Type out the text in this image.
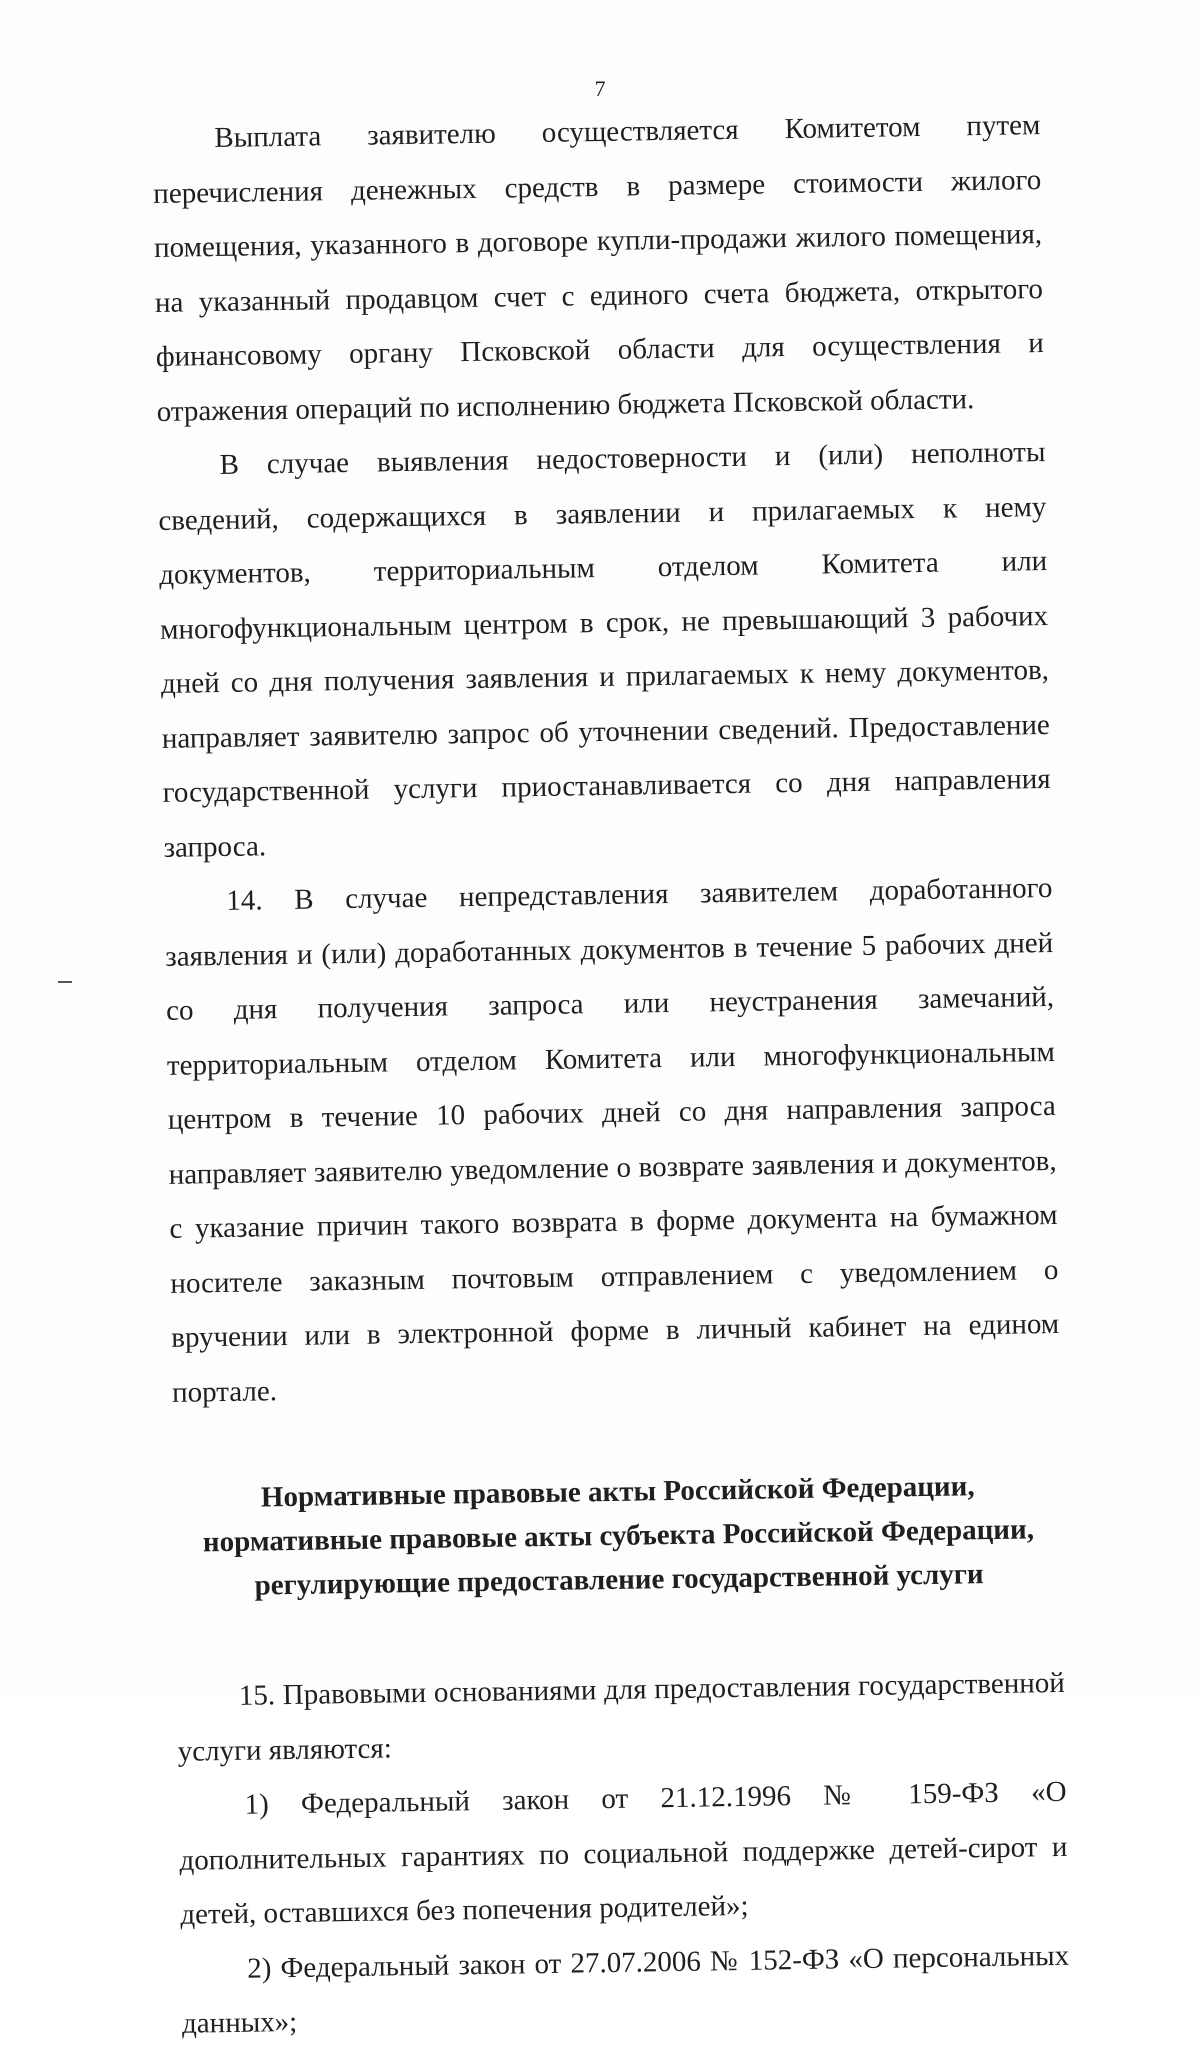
7

Выплата заявителю осуществляется Комитетом путем перечисления денежных средств в размере стоимости жилого помещения, указанного в договоре купли-продажи жилого помещения, на указанный продавцом счет с единого счета бюджета, открытого финансовому органу Псковской области для осуществления и отражения операций по исполнению бюджета Псковской области.

В случае выявления недостоверности и (или) неполноты сведений, содержащихся в заявлении и прилагаемых к нему документов, территориальным отделом Комитета или многофункциональным центром в срок, не превышающий 3 рабочих дней со дня получения заявления и прилагаемых к нему документов, направляет заявителю запрос об уточнении сведений. Предоставление государственной услуги приостанавливается со дня направления запроса.

14. В случае непредставления заявителем доработанного заявления и (или) доработанных документов в течение 5 рабочих дней со дня получения запроса или неустранения замечаний, территориальным отделом Комитета или многофункциональным центром в течение 10 рабочих дней со дня направления запроса направляет заявителю уведомление о возврате заявления и документов, с указание причин такого возврата в форме документа на бумажном носителе заказным почтовым отправлением с уведомлением о вручении или в электронной форме в личный кабинет на едином портале.

Нормативные правовые акты Российской Федерации, нормативные правовые акты субъекта Российской Федерации, регулирующие предоставление государственной услуги

15. Правовыми основаниями для предоставления государственной услуги являются:

1) Федеральный закон от 21.12.1996 № 159-ФЗ «О дополнительных гарантиях по социальной поддержке детей-сирот и детей, оставшихся без попечения родителей»;

2) Федеральный закон от 27.07.2006 № 152-ФЗ «О персональных данных»;
